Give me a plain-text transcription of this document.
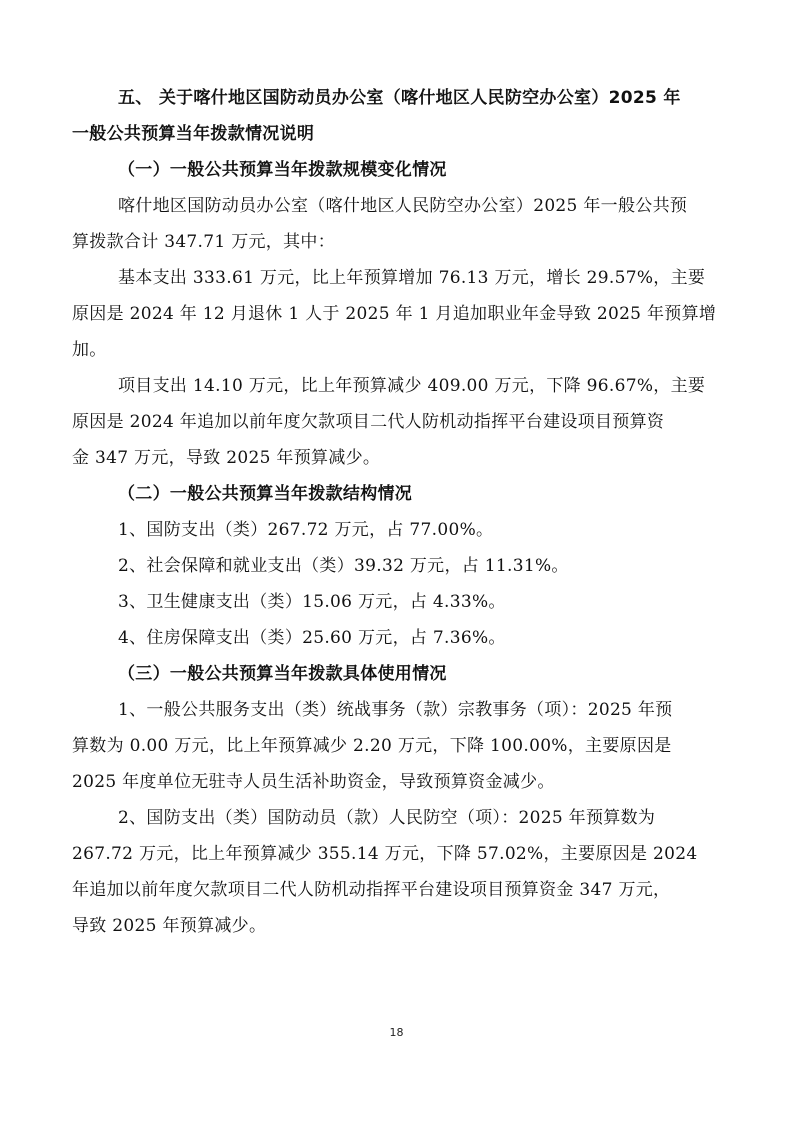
五、 关于喀什地区国防动员办公室（喀什地区人民防空办公室）2025 年
一般公共预算当年拨款情况说明
（一）一般公共预算当年拨款规模变化情况
喀什地区国防动员办公室（喀什地区人民防空办公室）2025 年一般公共预
算拨款合计 347.71 万元，其中：
基本支出 333.61 万元，比上年预算增加 76.13 万元，增长 29.57%，主要
原因是 2024 年 12 月退休 1 人于 2025 年 1 月追加职业年金导致 2025 年预算增
加。
项目支出 14.10 万元，比上年预算减少 409.00 万元，下降 96.67%，主要
原因是 2024 年追加以前年度欠款项目二代人防机动指挥平台建设项目预算资
金 347 万元，导致 2025 年预算减少。
（二）一般公共预算当年拨款结构情况
1、国防支出（类）267.72 万元，占 77.00%。
2、社会保障和就业支出（类）39.32 万元，占 11.31%。
3、卫生健康支出（类）15.06 万元，占 4.33%。
4、住房保障支出（类）25.60 万元，占 7.36%。
（三）一般公共预算当年拨款具体使用情况
1、一般公共服务支出（类）统战事务（款）宗教事务（项）：2025 年预
算数为 0.00 万元，比上年预算减少 2.20 万元，下降 100.00%，主要原因是
2025 年度单位无驻寺人员生活补助资金，导致预算资金减少。
2、国防支出（类）国防动员（款）人民防空（项）：2025 年预算数为
267.72 万元，比上年预算减少 355.14 万元，下降 57.02%，主要原因是 2024
年追加以前年度欠款项目二代人防机动指挥平台建设项目预算资金 347 万元，
导致 2025 年预算减少。
18
